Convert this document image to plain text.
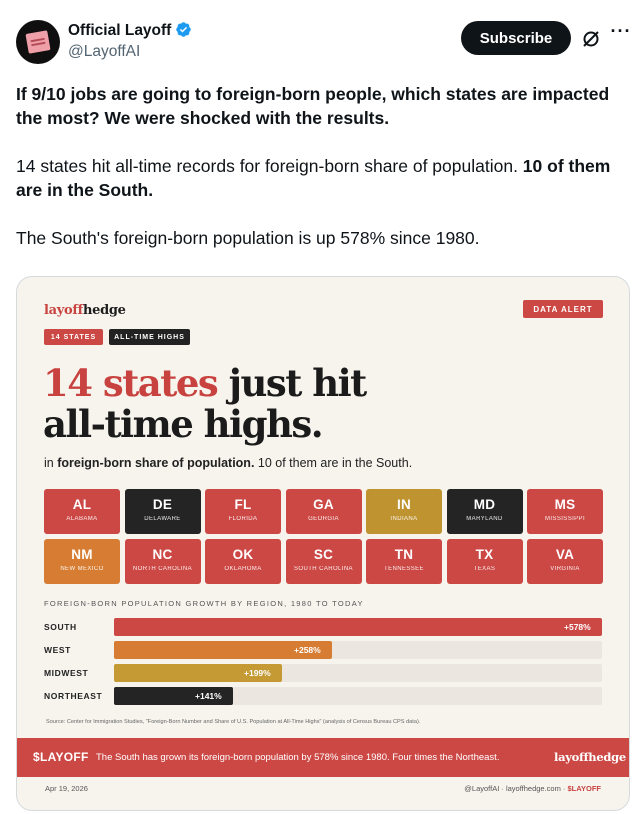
Official Layoff
@LayoffAI
Subscribe	···

If 9/10 jobs are going to foreign-born people, which states are impacted the most? We were shocked with the results.

14 states hit all-time records for foreign-born share of population. 10 of them are in the South.

The South's foreign-born population is up 578% since 1980.

layoffhedge	DATA ALERT
14 STATES	ALL-TIME HIGHS
14 states just hit
all-time highs.
in foreign-born share of population. 10 of them are in the South.
AL
ALABAMA
DE
DELAWARE
FL
FLORIDA
GA
GEORGIA
IN
INDIANA
MD
MARYLAND
MS
MISSISSIPPI
NM
NEW MEXICO
NC
NORTH CAROLINA
OK
OKLAHOMA
SC
SOUTH CAROLINA
TN
TENNESSEE
TX
TEXAS
VA
VIRGINIA
FOREIGN-BORN POPULATION GROWTH BY REGION, 1980 TO TODAY
SOUTH	+578%
WEST	+258%
MIDWEST	+199%
NORTHEAST	+141%
Source: Center for Immigration Studies, "Foreign-Born Number and Share of U.S. Population at All-Time Highs" (analysis of Census Bureau CPS data).
$LAYOFF The South has grown its foreign-born population by 578% since 1980. Four times the Northeast.	layoffhedge
Apr 19, 2026	@LayoffAI · layoffhedge.com · $LAYOFF
